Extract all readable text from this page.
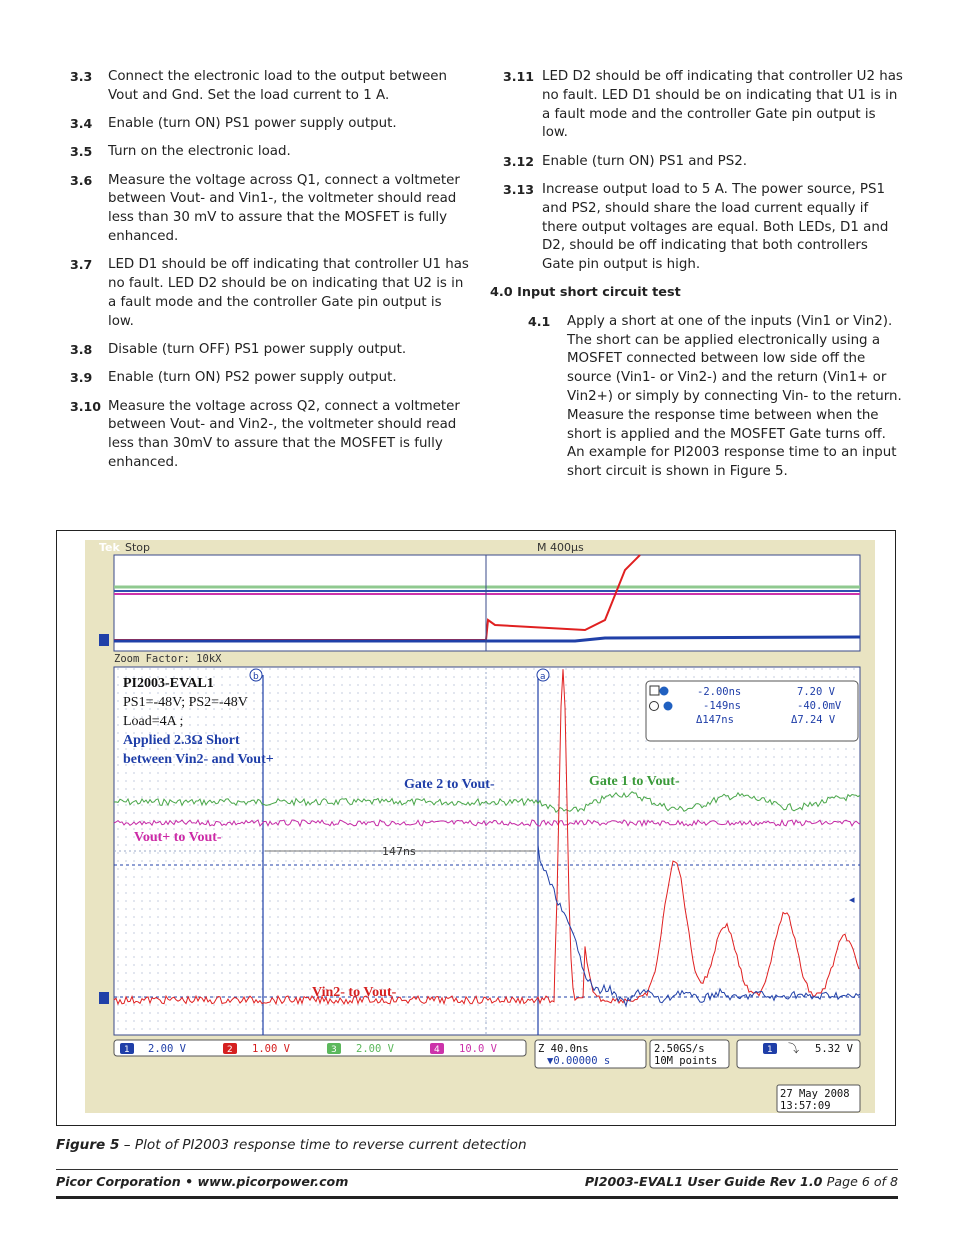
3.3	Connect the electronic load to the output between Vout and Gnd. Set the load current to 1 A.
3.4	Enable (turn ON) PS1 power supply output.
3.5	Turn on the electronic load.
3.6	Measure the voltage across Q1, connect a voltmeter between Vout- and Vin1-, the voltmeter should read less than 30 mV to assure that the MOSFET is fully enhanced.
3.7	LED D1 should be off indicating that controller U1 has no fault. LED D2 should be on indicating that U2 is in a fault mode and the controller Gate pin output is low.
3.8	Disable (turn OFF) PS1 power supply output.
3.9	Enable (turn ON) PS2 power supply output.
3.10 Measure the voltage across Q2, connect a voltmeter between Vout- and Vin2-, the voltmeter should read less than 30mV to assure that the MOSFET is fully enhanced.
3.11 LED D2 should be off indicating that controller U2 has no fault. LED D1 should be on indicating that U1 is in a fault mode and the controller Gate pin output is low.
3.12 Enable (turn ON) PS1 and PS2.
3.13 Increase output load to 5 A. The power source, PS1 and PS2, should share the load current equally if there output voltages are equal. Both LEDs, D1 and D2, should be off indicating that both controllers Gate pin output is high.
4.0 Input short circuit test
4.1	Apply a short at one of the inputs (Vin1 or Vin2). The short can be applied electronically using a MOSFET connected between low side off the source (Vin1- or Vin2-) and the return (Vin1+ or Vin2+) or simply by connecting Vin- to the return. Measure the response time between when the short is applied and the MOSFET Gate turns off. An example for PI2003 response time to an input short circuit is shown in Figure 5.
Tek Stop	M 400µs
Zoom Factor: 10kX
b	a
147ns
PI2003-EVAL1
PS1=-48V; PS2=-48V
Load=4A ;
Applied 2.3Ω Short
between Vin2- and Vout+
Gate 2 to Vout-	Gate 1 to Vout-
Vout+ to Vout-
Vin2- to Vout-
-2.00ns	7.20 V
-149ns	-40.0mV
Δ147ns	Δ7.24 V
◂
1 2.00 V	2 1.00 V	3 2.00 V	4 10.0 V	Z 40.0ns
▼0.00000 s
2.50GS/s
10M points
1 ⤵ 5.32 V
27 May 2008
13:57:09
Figure 5 – Plot of PI2003 response time to reverse current detection
Picor Corporation • www.picorpower.com	PI2003-EVAL1 User Guide Rev 1.0 Page 6 of 8
